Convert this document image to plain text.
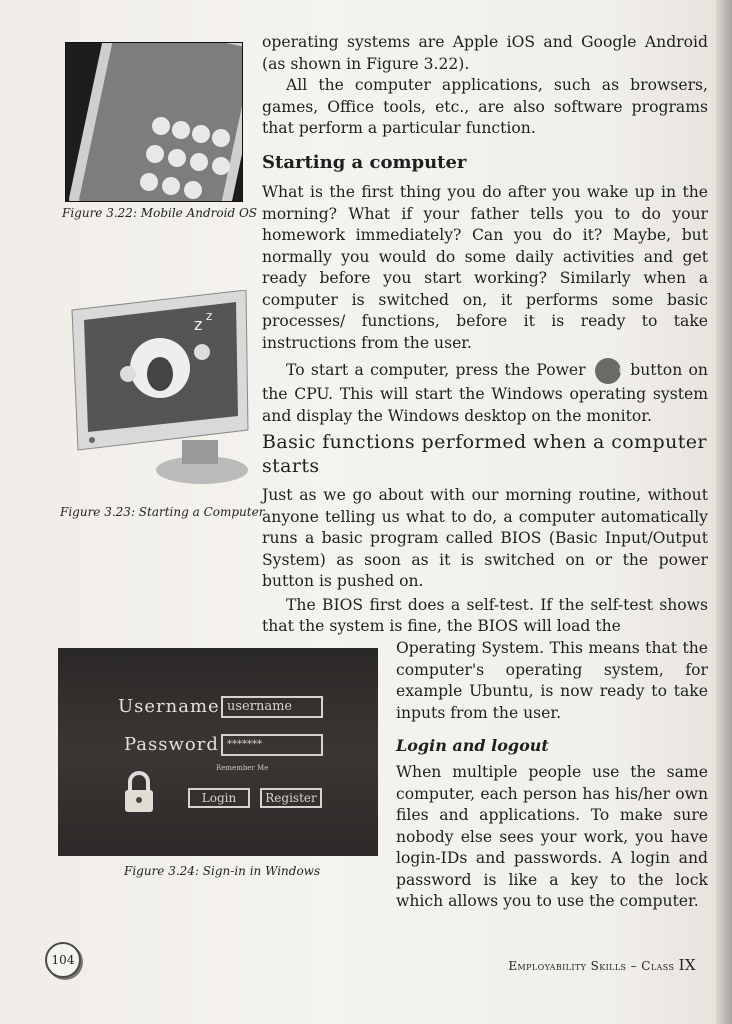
Figure 3.22: Mobile Android OS
z z
Figure 3.23: Starting a Computer
Username username
Password *******
Remember Me
Login	Register
Figure 3.24: Sign-in in Windows

operating systems are Apple iOS and Google Android (as shown in Figure 3.22).

All the computer applications, such as browsers, games, Office tools, etc., are also software programs that perform a particular function.

Starting a computer

What is the first thing you do after you wake up in the morning? What if your father tells you to do your homework immediately? Can you do it? Maybe, but normally you would do some daily activities and get ready before you start working? Similarly when a computer is switched on, it performs some basic processes/ functions, before it is ready to take instructions from the user.

To start a computer, press the Power ⏻ button on the CPU. This will start the Windows operating system and display the Windows desktop on the monitor.

Basic functions performed when a computer starts

Just as we go about with our morning routine, without anyone telling us what to do, a computer automatically runs a basic program called BIOS (Basic Input/Output System) as soon as it is switched on or the power button is pushed on.

The BIOS first does a self-test. If the self-test shows that the system is fine, the BIOS will load the

Operating System. This means that the computer's operating system, for example Ubuntu, is now ready to take inputs from the user.

Login and logout

When multiple people use the same computer, each person has his/her own files and applications. To make sure nobody else sees your work, you have login-IDs and passwords. A login and password is like a key to the lock which allows you to use the computer.

104	Employability Skills – Class IX
